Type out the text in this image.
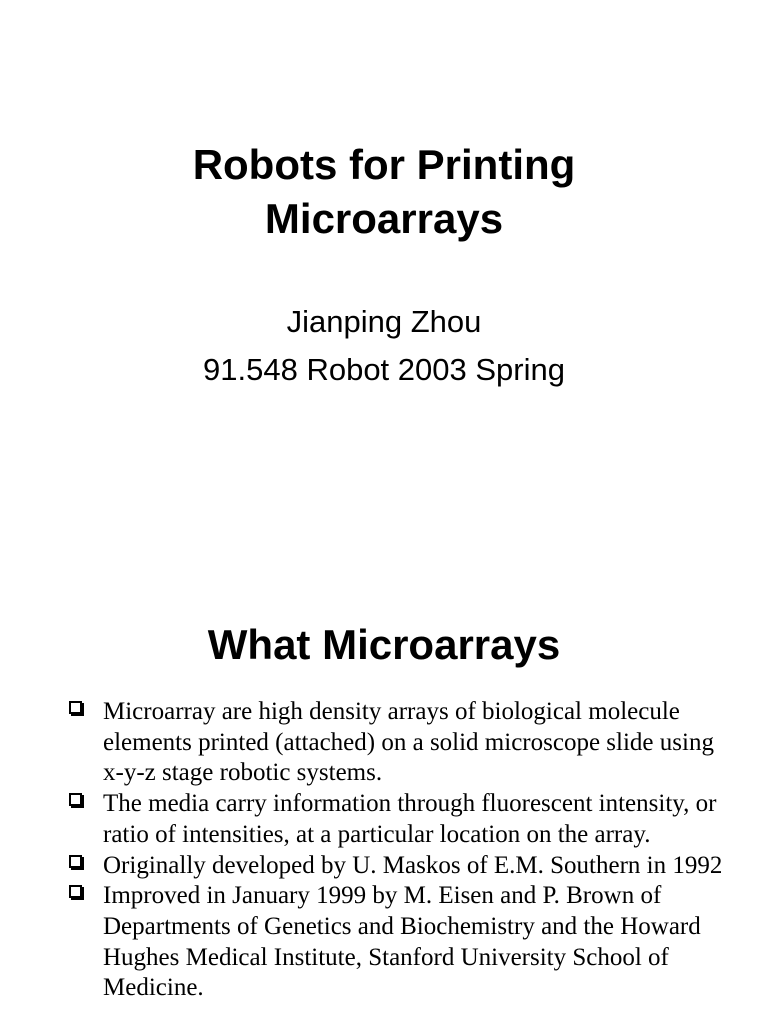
Robots for Printing
Microarrays
Jianping Zhou
91.548 Robot 2003 Spring
What Microarrays
Microarray are high density arrays of biological molecule elements printed (attached) on a solid microscope slide using x-y-z stage robotic systems.
The media carry information through fluorescent intensity, or ratio of intensities, at a particular location on the array.
Originally developed by U. Maskos of E.M. Southern in 1992
Improved in January 1999 by M. Eisen and P. Brown of Departments of Genetics and Biochemistry and the Howard Hughes Medical Institute, Stanford University School of Medicine.
